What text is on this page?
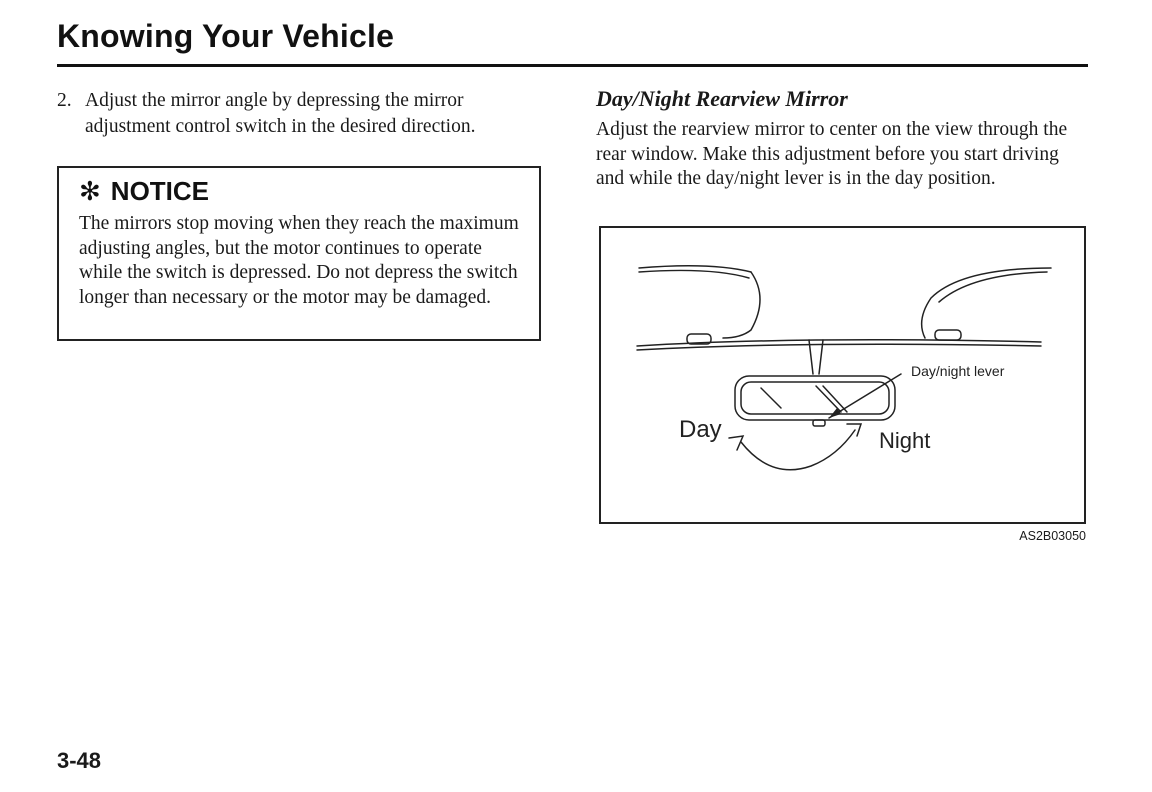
Knowing Your Vehicle
2. Adjust the mirror angle by depressing the mirror adjustment control switch in the desired direction.
✻ NOTICE
The mirrors stop moving when they reach the maximum adjusting angles, but the motor continues to operate while the switch is depressed. Do not depress the switch longer than necessary or the motor may be damaged.
Day/Night Rearview Mirror
Adjust the rearview mirror to center on the view through the rear window. Make this adjustment before you start driving and while the day/night lever is in the day position.
Day/night lever
Day	Night
AS2B03050
3-48
